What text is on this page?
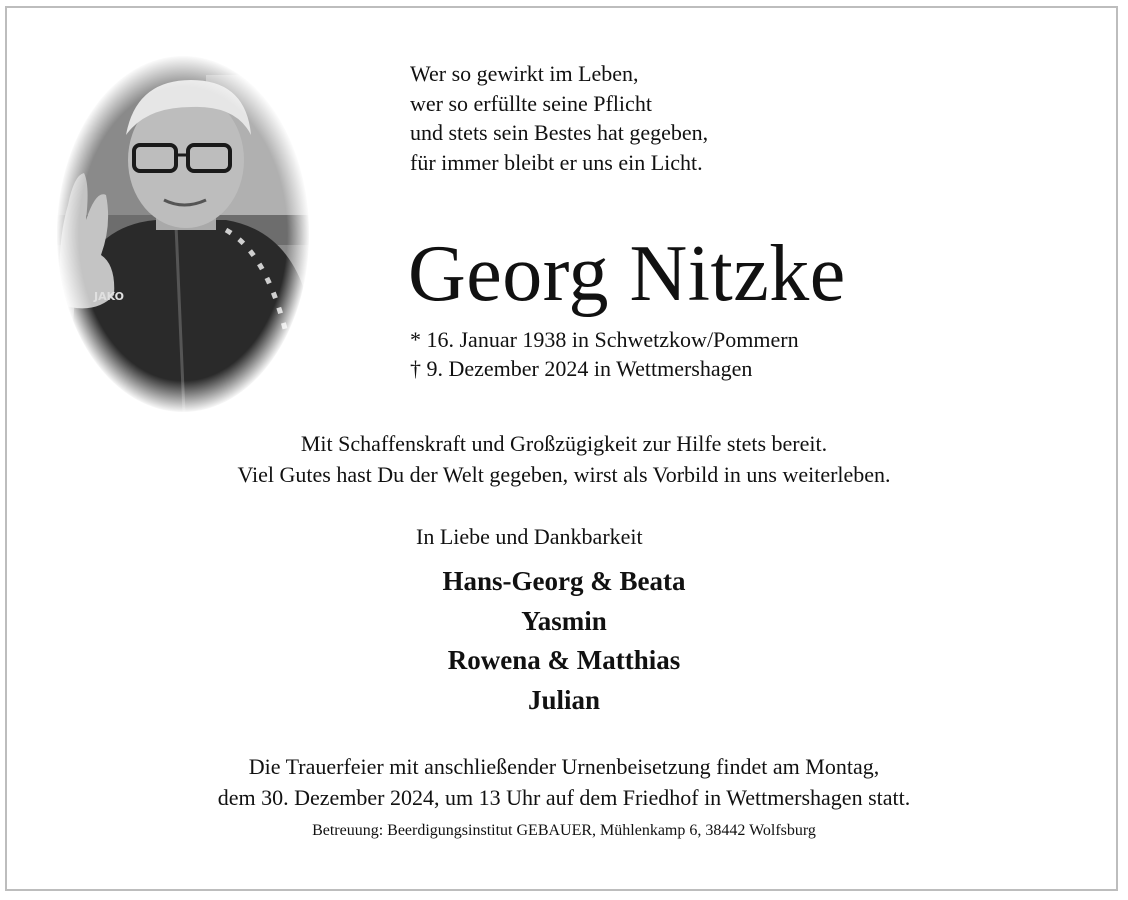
Wer so gewirkt im Leben,
wer so erfüllte seine Pflicht
und stets sein Bestes hat gegeben,
für immer bleibt er uns ein Licht.
Georg Nitzke
* 16. Januar 1938 in Schwetzkow/Pommern
† 9. Dezember 2024 in Wettmershagen
Mit Schaffenskraft und Großzügigkeit zur Hilfe stets bereit.
Viel Gutes hast Du der Welt gegeben, wirst als Vorbild in uns weiterleben.
In Liebe und Dankbarkeit
Hans-Georg & Beata
Yasmin
Rowena & Matthias
Julian
Die Trauerfeier mit anschließender Urnenbeisetzung findet am Montag,
dem 30. Dezember 2024, um 13 Uhr auf dem Friedhof in Wettmershagen statt.
Betreuung: Beerdigungsinstitut GEBAUER, Mühlenkamp 6, 38442 Wolfsburg
